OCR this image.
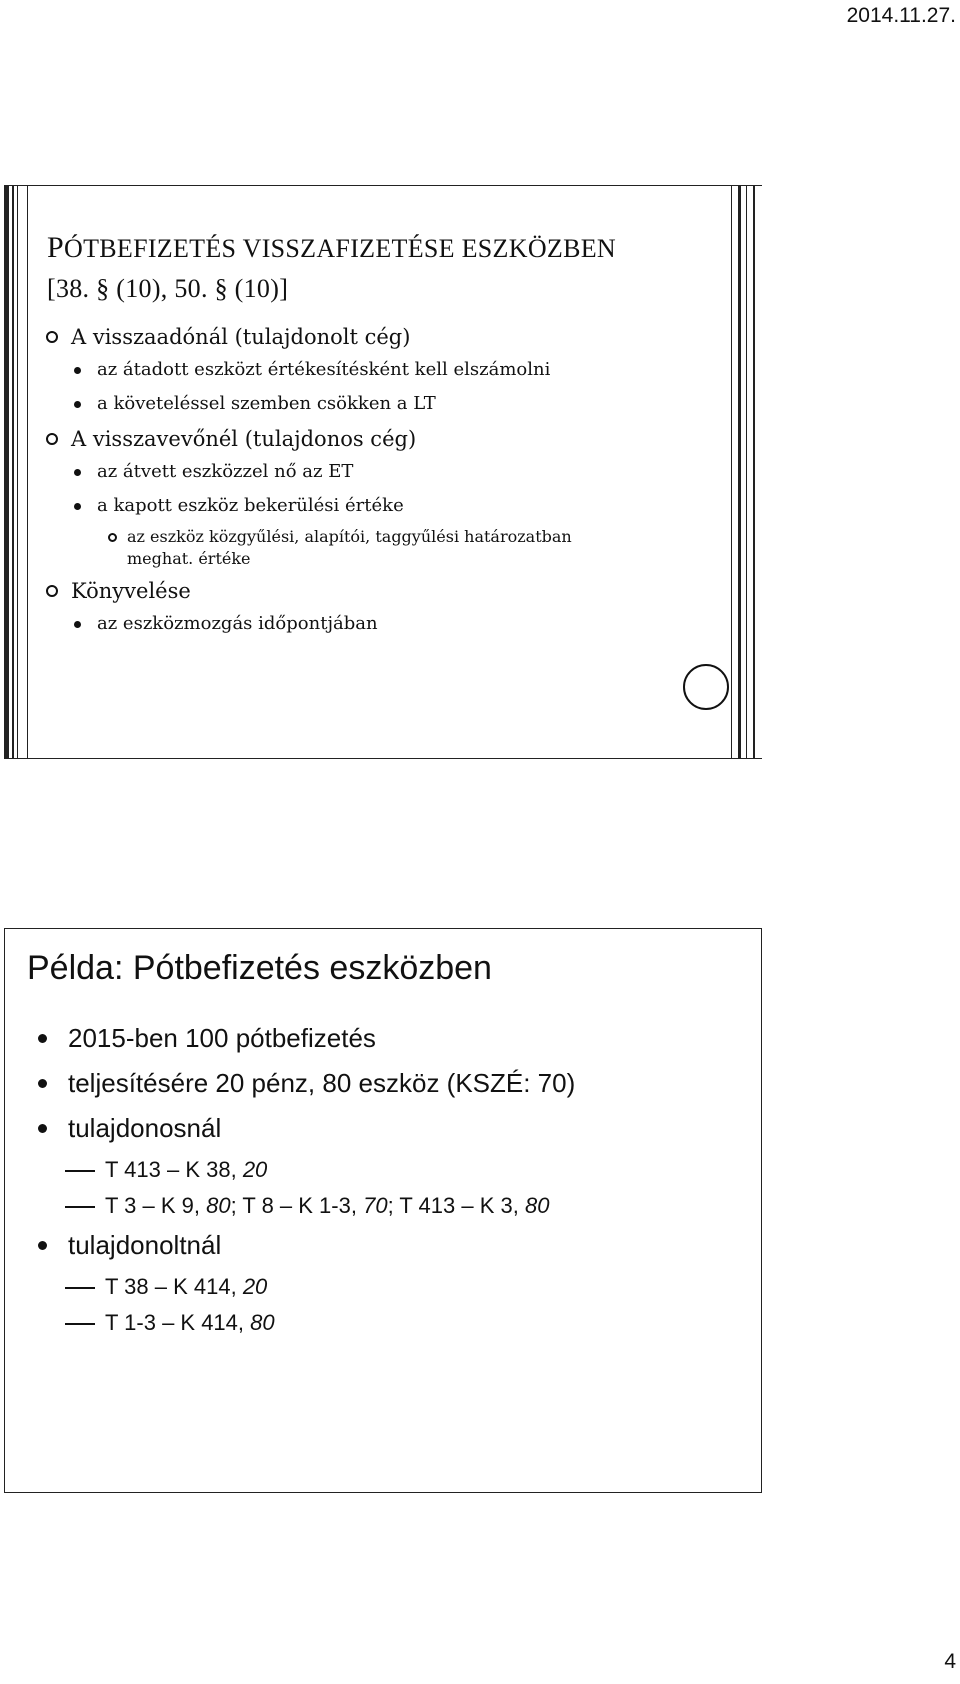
2014.11.27.
PÓTBEFIZETÉS VISSZAFIZETÉSE ESZKÖZBEN
[38. § (10), 50. § (10)]
A visszaadónál (tulajdonolt cég)
az átadott eszközt értékesítésként kell elszámolni
a követeléssel szemben csökken a LT
A visszavevőnél (tulajdonos cég)
az átvett eszközzel nő az ET
a kapott eszköz bekerülési értéke
az eszköz közgyűlési, alapítói, taggyűlési határozatban meghat. értéke
Könyvelése
az eszközmozgás időpontjában
Példa: Pótbefizetés eszközben
2015-ben 100 pótbefizetés
teljesítésére 20 pénz, 80 eszköz (KSZÉ: 70)
tulajdonosnál
T 413 – K 38, 20
T 3 – K 9, 80; T 8 – K 1-3, 70; T 413 – K 3, 80
tulajdonoltnál
T 38 – K 414, 20
T 1-3 – K 414, 80
4
